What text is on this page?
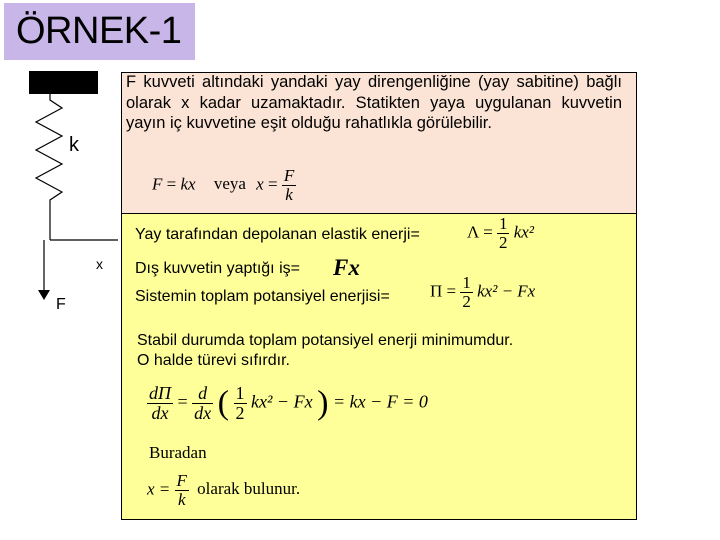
ÖRNEK-1
k
x
F
F kuvveti altındaki yandaki yay direngenliğine (yay sabitine) bağlı olarak x kadar uzamaktadır. Statikten yaya uygulanan kuvvetin yayın iç kuvvetine eşit olduğu rahatlıkla görülebilir.
F = kx veya $x = \frac{F}{k}$
Yay tarafından depolanan elastik enerji=	$\Lambda = \frac{1}{2} kx^2$
Dış kuvvetin yaptığı iş= Fx
Sistemin toplam potansiyel enerjisi= $\Pi = \frac{1}{2} kx^2 - Fx$
Stabil durumda toplam potansiyel enerji minimumdur.
O halde türevi sıfırdır.
$\frac{d\Pi}{dx} = \frac{d}{dx}$ ( $\frac{1}{2} kx^2 - Fx$ ) = kx − F = 0
Buradan
$x = \frac{F}{k}$ olarak bulunur.
